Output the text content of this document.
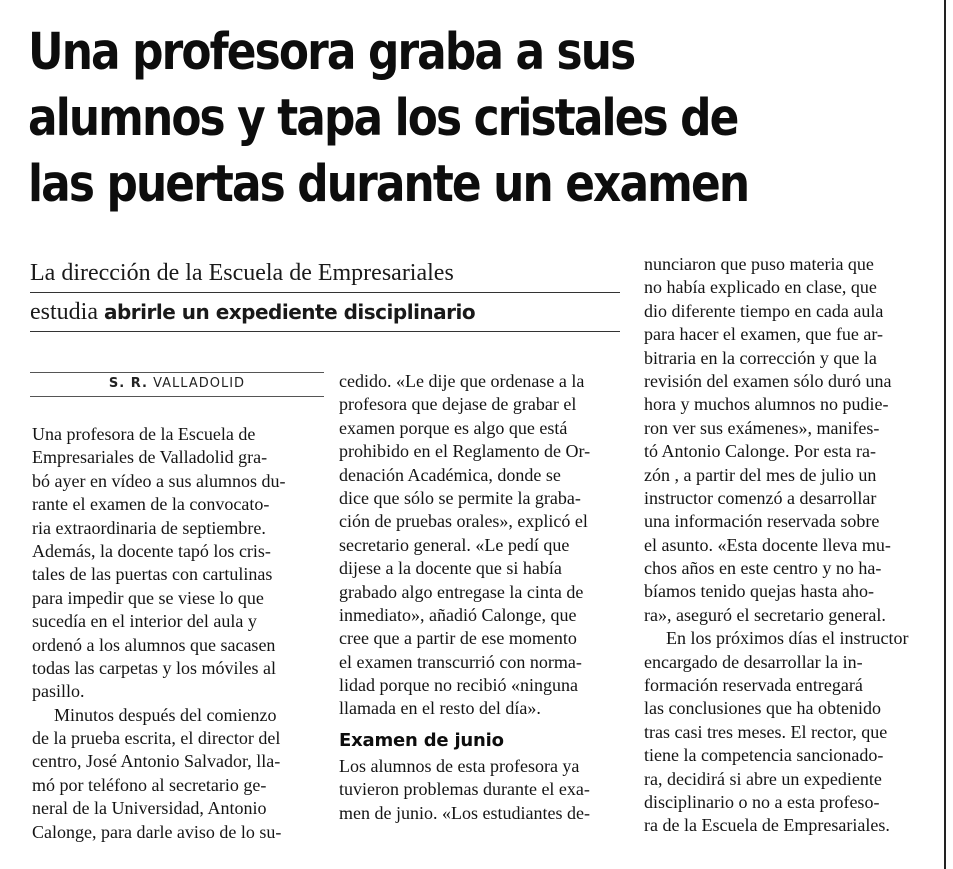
Una profesora graba a sus
alumnos y tapa los cristales de
las puertas durante un examen
La dirección de la Escuela de Empresariales
estudia abrirle un expediente disciplinario
S. R. VALLADOLID
Una profesora de la Escuela de
Empresariales de Valladolid gra-
bó ayer en vídeo a sus alumnos du-
rante el examen de la convocato-
ria extraordinaria de septiembre.
Además, la docente tapó los cris-
tales de las puertas con cartulinas
para impedir que se viese lo que
sucedía en el interior del aula y
ordenó a los alumnos que sacasen
todas las carpetas y los móviles al
pasillo.
Minutos después del comienzo
de la prueba escrita, el director del
centro, José Antonio Salvador, lla-
mó por teléfono al secretario ge-
neral de la Universidad, Antonio
Calonge, para darle aviso de lo su-
cedido. «Le dije que ordenase a la
profesora que dejase de grabar el
examen porque es algo que está
prohibido en el Reglamento de Or-
denación Académica, donde se
dice que sólo se permite la graba-
ción de pruebas orales», explicó el
secretario general. «Le pedí que
dijese a la docente que si había
grabado algo entregase la cinta de
inmediato», añadió Calonge, que
cree que a partir de ese momento
el examen transcurrió con norma-
lidad porque no recibió «ninguna
llamada en el resto del día».
Examen de junio
Los alumnos de esta profesora ya
tuvieron problemas durante el exa-
men de junio. «Los estudiantes de-
nunciaron que puso materia que
no había explicado en clase, que
dio diferente tiempo en cada aula
para hacer el examen, que fue ar-
bitraria en la corrección y que la
revisión del examen sólo duró una
hora y muchos alumnos no pudie-
ron ver sus exámenes», manifes-
tó Antonio Calonge. Por esta ra-
zón , a partir del mes de julio un
instructor comenzó a desarrollar
una información reservada sobre
el asunto. «Esta docente lleva mu-
chos años en este centro y no ha-
bíamos tenido quejas hasta aho-
ra», aseguró el secretario general.
En los próximos días el instructor
encargado de desarrollar la in-
formación reservada entregará
las conclusiones que ha obtenido
tras casi tres meses. El rector, que
tiene la competencia sancionado-
ra, decidirá si abre un expediente
disciplinario o no a esta profeso-
ra de la Escuela de Empresariales.
